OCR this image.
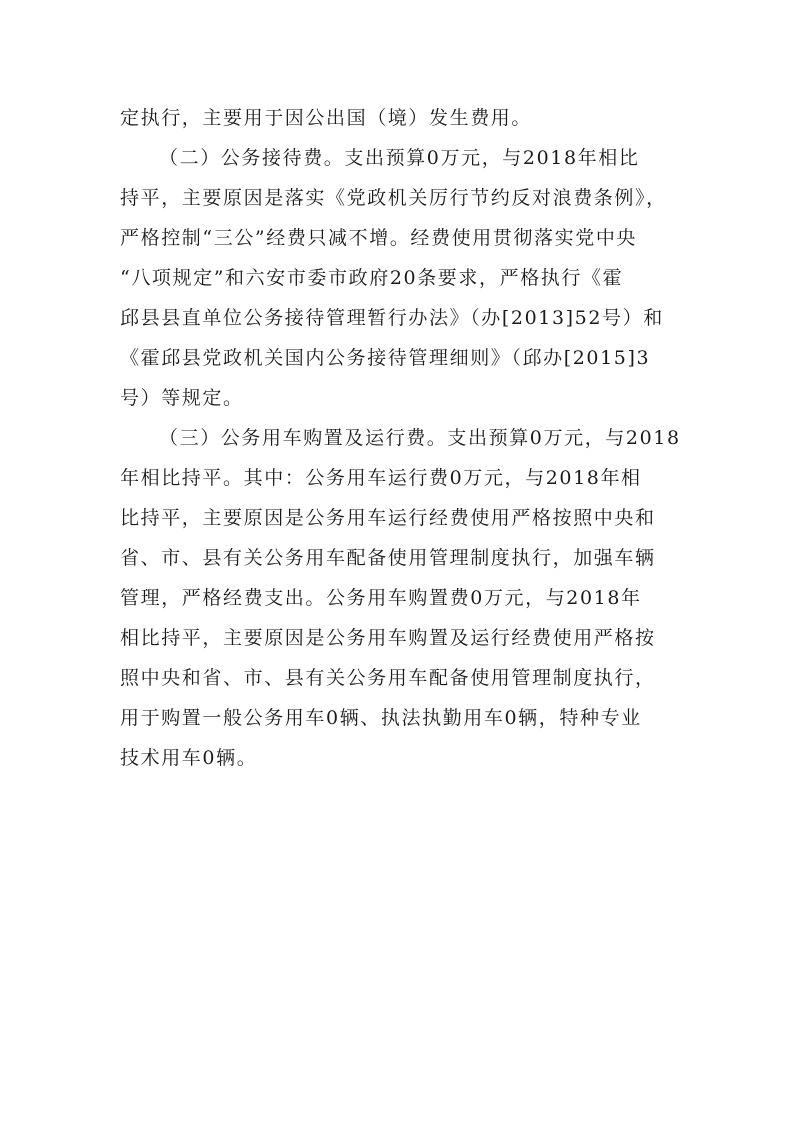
定执行，主要用于因公出国（境）发生费用。
（二）公务接待费。支出预算0万元，与2018年相比
持平，主要原因是落实《党政机关厉行节约反对浪费条例》，
严格控制“三公”经费只减不增。经费使用贯彻落实党中央
“八项规定”和六安市委市政府20条要求，严格执行《霍
邱县县直单位公务接待管理暂行办法》（办[2013]52号）和
《霍邱县党政机关国内公务接待管理细则》（邱办[2015]3
号）等规定。
（三）公务用车购置及运行费。支出预算0万元，与2018
年相比持平。其中：公务用车运行费0万元，与2018年相
比持平，主要原因是公务用车运行经费使用严格按照中央和
省、市、县有关公务用车配备使用管理制度执行，加强车辆
管理，严格经费支出。公务用车购置费0万元，与2018年
相比持平，主要原因是公务用车购置及运行经费使用严格按
照中央和省、市、县有关公务用车配备使用管理制度执行，
用于购置一般公务用车0辆、执法执勤用车0辆，特种专业
技术用车0辆。
